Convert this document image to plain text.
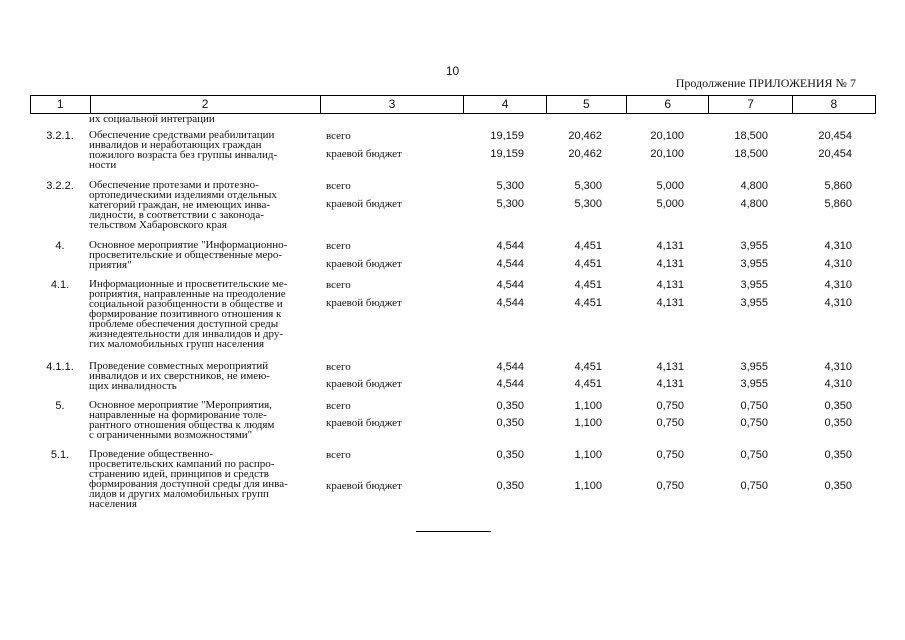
10
Продолжение ПРИЛОЖЕНИЯ № 7
1	2	3	4	5	6	7	8
их социальной интеграции
3.2.1.	Обеспечение средствами реабилитации
инвалидов и неработающих граждан
пожилого возраста без группы инвалид-
ности
всего	19,159	20,462	20,100	18,500	20,454
краевой бюджет	19,159	20,462	20,100	18,500	20,454
3.2.2.	Обеспечение протезами и протезно-
ортопедическими изделиями отдельных
категорий граждан, не имеющих инва-
лидности, в соответствии с законода-
тельством Хабаровского края
всего	5,300	5,300	5,000	4,800	5,860
краевой бюджет	5,300	5,300	5,000	4,800	5,860
4.	Основное мероприятие "Информационно-
просветительские и общественные меро-
приятия"
всего	4,544	4,451	4,131	3,955	4,310
краевой бюджет	4,544	4,451	4,131	3,955	4,310
4.1.	Информационные и просветительские ме-
роприятия, направленные на преодоление
социальной разобщенности в обществе и
формирование позитивного отношения к
проблеме обеспечения доступной среды
жизнедеятельности для инвалидов и дру-
гих маломобильных групп населения
всего	4,544	4,451	4,131	3,955	4,310
краевой бюджет	4,544	4,451	4,131	3,955	4,310
4.1.1.	Проведение совместных мероприятий
инвалидов и их сверстников, не имею-
щих инвалидность
всего	4,544	4,451	4,131	3,955	4,310
краевой бюджет	4,544	4,451	4,131	3,955	4,310
5.	Основное мероприятие "Мероприятия,
направленные на формирование толе-
рантного отношения общества к людям
с ограниченными возможностями"
всего	0,350	1,100	0,750	0,750	0,350
краевой бюджет	0,350	1,100	0,750	0,750	0,350
5.1.	Проведение общественно-
просветительских кампаний по распро-
странению идей, принципов и средств
формирования доступной среды для инва-
лидов и других маломобильных групп
населения
всего	0,350	1,100	0,750	0,750	0,350
краевой бюджет	0,350	1,100	0,750	0,750	0,350
